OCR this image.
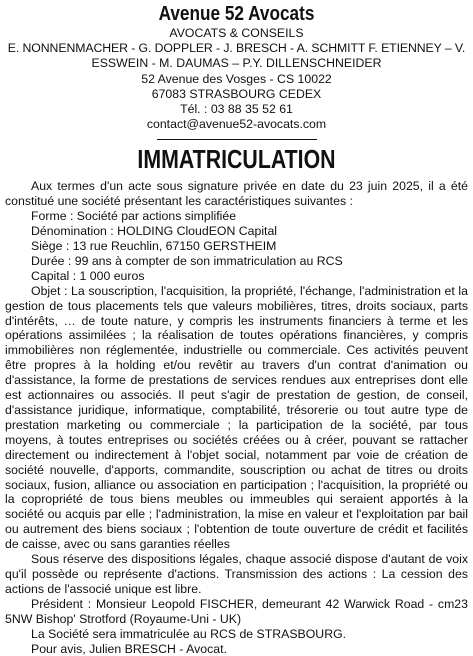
Avenue 52 Avocats
AVOCATS & CONSEILS
E. NONNENMACHER - G. DOPPLER - J. BRESCH - A. SCHMITT F. ETIENNEY – V.
ESSWEIN - M. DAUMAS – P.Y. DILLENSCHNEIDER
52 Avenue des Vosges - CS 10022
67083 STRASBOURG CEDEX
Tél. : 03 88 35 52 61
contact@avenue52-avocats.com
IMMATRICULATION

Aux termes d'un acte sous signature privée en date du 23 juin 2025, il a été constitué une société présentant les caractéristiques suivantes :

Forme : Société par actions simplifiée

Dénomination : HOLDING CloudEON Capital

Siège : 13 rue Reuchlin, 67150 GERSTHEIM

Durée : 99 ans à compter de son immatriculation au RCS

Capital : 1 000 euros

Objet : La souscription, l'acquisition, la propriété, l'échange, l'administration et la gestion de tous placements tels que valeurs mobilières, titres, droits sociaux, parts d'intérêts, … de toute nature, y compris les instruments financiers à terme et les opérations assimilées ; la réalisation de toutes opérations financières, y compris immobilières non réglementée, industrielle ou commerciale. Ces activités peuvent être propres à la holding et/ou revêtir au travers d'un contrat d'animation ou d'assistance, la forme de prestations de services rendues aux entreprises dont elle est actionnaires ou associés. Il peut s'agir de prestation de gestion, de conseil, d'assistance juridique, informatique, comptabilité, trésorerie ou tout autre type de prestation marketing ou commerciale ; la participation de la société, par tous moyens, à toutes entreprises ou sociétés créées ou à créer, pouvant se rattacher directement ou indirectement à l'objet social, notamment par voie de création de société nouvelle, d'apports, commandite, souscription ou achat de titres ou droits sociaux, fusion, alliance ou association en participation ; l'acquisition, la propriété ou la copropriété de tous biens meubles ou immeubles qui seraient apportés à la société ou acquis par elle ; l'administration, la mise en valeur et l'exploitation par bail ou autrement des biens sociaux ; l'obtention de toute ouverture de crédit et facilités de caisse, avec ou sans garanties réelles

Sous réserve des dispositions légales, chaque associé dispose d'autant de voix qu'il possède ou représente d'actions. Transmission des actions : La cession des actions de l'associé unique est libre.

Président : Monsieur Leopold FISCHER, demeurant 42 Warwick Road - cm23 5NW Bishop' Strotford (Royaume-Uni - UK)

La Société sera immatriculée au RCS de STRASBOURG.

Pour avis, Julien BRESCH - Avocat.
